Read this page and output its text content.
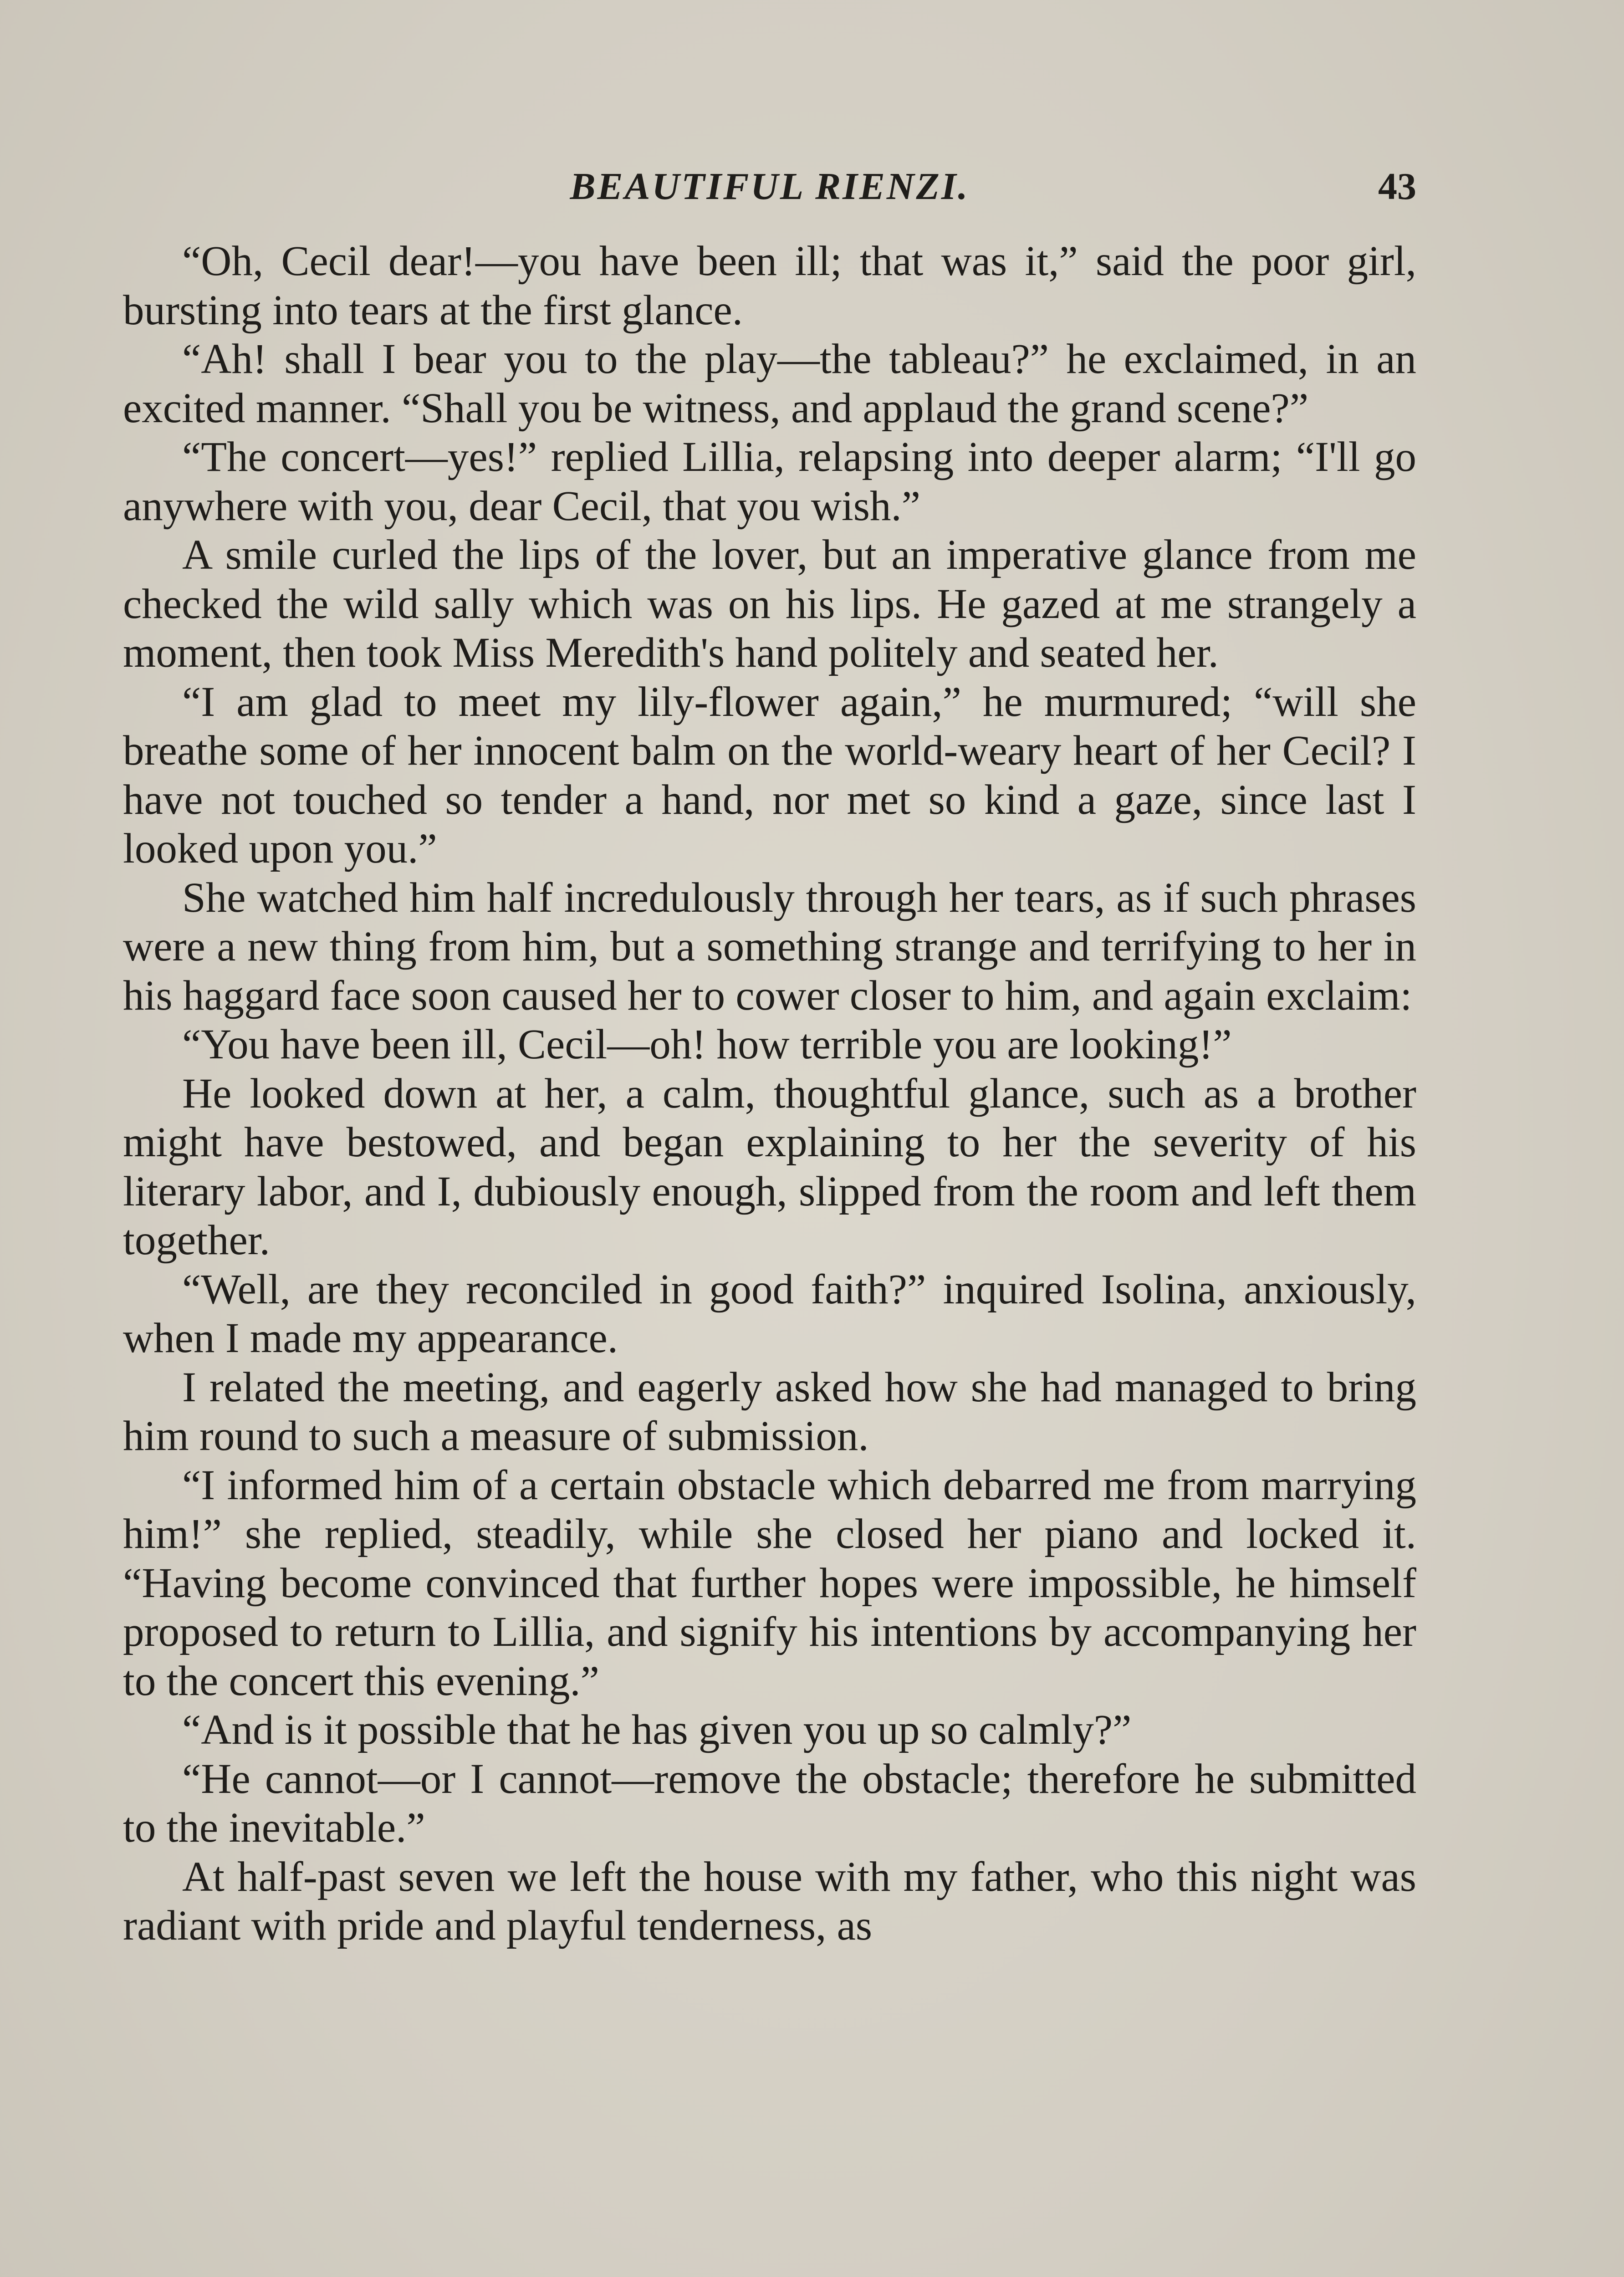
BEAUTIFUL RIENZI.	43

“Oh, Cecil dear!—you have been ill; that was it,” said the poor girl, bursting into tears at the first glance.

“Ah! shall I bear you to the play—the tableau?” he exclaimed, in an excited manner. “Shall you be witness, and applaud the grand scene?”

“The concert—yes!” replied Lillia, relapsing into deeper alarm; “I'll go anywhere with you, dear Cecil, that you wish.”

A smile curled the lips of the lover, but an imperative glance from me checked the wild sally which was on his lips. He gazed at me strangely a moment, then took Miss Meredith's hand politely and seated her.

“I am glad to meet my lily-flower again,” he murmured; “will she breathe some of her innocent balm on the world-weary heart of her Cecil? I have not touched so tender a hand, nor met so kind a gaze, since last I looked upon you.”

She watched him half incredulously through her tears, as if such phrases were a new thing from him, but a something strange and terrifying to her in his haggard face soon caused her to cower closer to him, and again exclaim:

“You have been ill, Cecil—oh! how terrible you are looking!”

He looked down at her, a calm, thoughtful glance, such as a brother might have bestowed, and began explaining to her the severity of his literary labor, and I, dubiously enough, slipped from the room and left them together.

“Well, are they reconciled in good faith?” inquired Isolina, anxiously, when I made my appearance.

I related the meeting, and eagerly asked how she had managed to bring him round to such a measure of submission.

“I informed him of a certain obstacle which debarred me from marrying him!” she replied, steadily, while she closed her piano and locked it. “Having become convinced that further hopes were impossible, he himself proposed to return to Lillia, and signify his intentions by accompanying her to the concert this evening.”

“And is it possible that he has given you up so calmly?”

“He cannot—or I cannot—remove the obstacle; therefore he submitted to the inevitable.”

At half-past seven we left the house with my father, who this night was radiant with pride and playful tenderness, as
